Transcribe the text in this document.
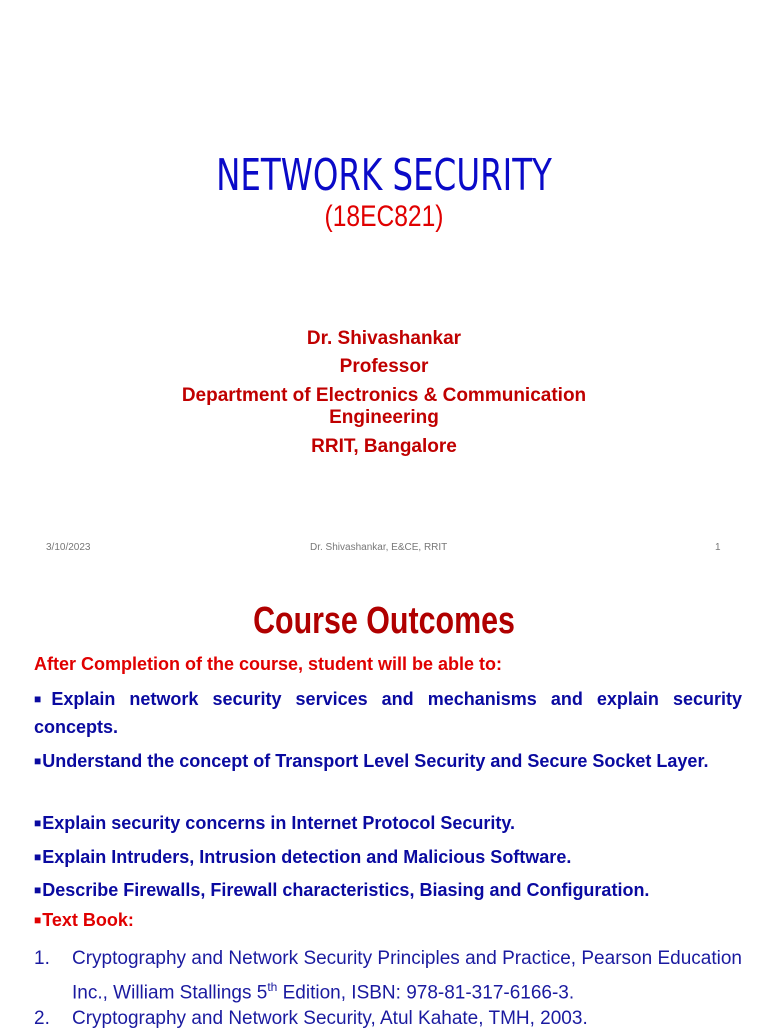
NETWORK SECURITY
(18EC821)
Dr. Shivashankar
Professor
Department of Electronics & Communication Engineering
RRIT, Bangalore
3/10/2023	Dr. Shivashankar, E&CE, RRIT	1
Course Outcomes
After Completion of the course, student will be able to:
■Explain network security services and mechanisms and explain security concepts.
■Understand the concept of Transport Level Security and Secure Socket Layer.
■Explain security concerns in Internet Protocol Security.
■Explain Intruders, Intrusion detection and Malicious Software.
■Describe Firewalls, Firewall characteristics, Biasing and Configuration.
■Text Book:
1. Cryptography and Network Security Principles and Practice, Pearson Education Inc., William Stallings 5th Edition, ISBN: 978-81-317-6166-3.
2. Cryptography and Network Security, Atul Kahate, TMH, 2003.
